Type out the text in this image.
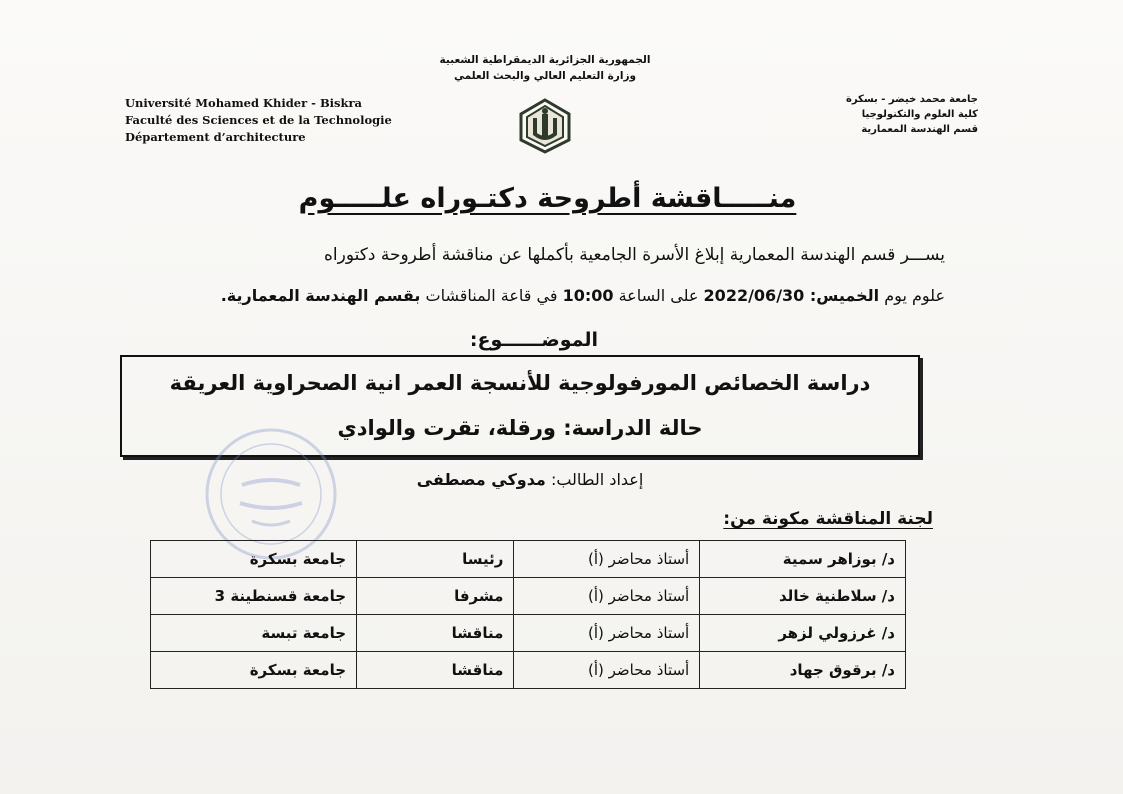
الجمهورية الجزائرية الديمقراطية الشعبية
وزارة التعليم العالي والبحث العلمي
Université Mohamed Khider - Biskra
Faculté des Sciences et de la Technologie
Département d’architecture
جامعة محمد خيضر - بسكرة
كلية العلوم والتكنولوجيا
قسم الهندسة المعمارية
منـــــاقشة أطروحة دكتـوراه علـــــوم
يســـر قسم الهندسة المعمارية إبلاغ الأسرة الجامعية بأكملها عن مناقشة أطروحة دكتوراه
علوم يوم الخميس: 2022/06/30 على الساعة 10:00 في قاعة المناقشات بقسم الهندسة المعمارية.
الموضــــــوع:
دراسة الخصائص المورفولوجية للأنسجة العمر انية الصحراوية العريقة
حالة الدراسة: ورقلة، تقرت والوادي
إعداد الطالب: مدوكي مصطفى
لجنة المناقشة مكونة من:
د/ بوزاهر سمية	أستاذ محاضر (أ)	رئيسا	جامعة بسكرة
د/ سلاطنية خالد	أستاذ محاضر (أ)	مشرفا	جامعة قسنطينة 3
د/ غرزولي لزهر	أستاذ محاضر (أ)	مناقشا	جامعة تبسة
د/ برقوق جهاد	أستاذ محاضر (أ)	مناقشا	جامعة بسكرة
